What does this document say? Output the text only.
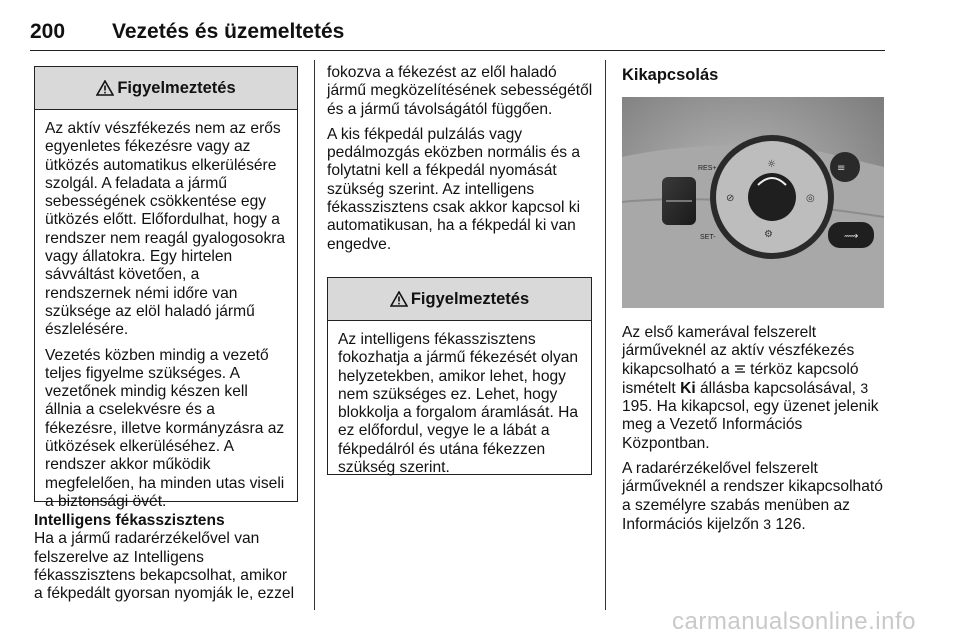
200 Vezetés és üzemeltetés
Figyelmeztetés

Az aktív vészfékezés nem az erős egyenletes fékezésre vagy az ütközés automatikus elkerülésére szolgál. A feladata a jármű sebességének csökkentése egy ütközés előtt. Előfordulhat, hogy a rendszer nem reagál gyalogosokra vagy állatokra. Egy hirtelen sávváltást követően, a rendszernek némi időre van szüksége az elöl haladó jármű észlelésére.

Vezetés közben mindig a vezető teljes figyelme szükséges. A vezetőnek mindig készen kell állnia a cselekvésre és a fékezésre, illetve kormányzásra az ütközések elkerüléséhez. A rendszer akkor működik megfelelően, ha minden utas viseli a biztonsági övét.

Intelligens fékasszisztens
Ha a jármű radarérzékelővel van felszerelve az Intelligens fékasszisztens bekapcsolhat, amikor a fékpedált gyorsan nyomják le, ezzel

fokozva a fékezést az elől haladó jármű megközelítésének sebességétől és a jármű távolságától függően.

A kis fékpedál pulzálás vagy pedálmozgás eközben normális és a folytatni kell a fékpedál nyomását szükség szerint. Az intelligens fékasszisztens csak akkor kapcsol ki automatikusan, ha a fékpedál ki van engedve.

Figyelmeztetés

Az intelligens fékasszisztens fokozhatja a jármű fékezését olyan helyzetekben, amikor lehet, hogy nem szükséges ez. Lehet, hogy blokkolja a forgalom áramlását. Ha ez előfordul, vegye le a lábát a fékpedálról és utána fékezzen szükség szerint.

Kikapcsolás
RES+
SET-
☼
⊘	◎
⚙
≡
⟿

Az első kamerával felszerelt járműveknél az aktív vészfékezés kikapcsolható a  térköz kapcsoló ismételt Ki állásba kapcsolásával, 3 195. Ha kikapcsol, egy üzenet jelenik meg a Vezető Információs Központban.

A radarérzékelővel felszerelt járműveknél a rendszer kikapcsolható a személyre szabás menüben az Információs kijelzőn 3 126.

carmanualsonline.info
